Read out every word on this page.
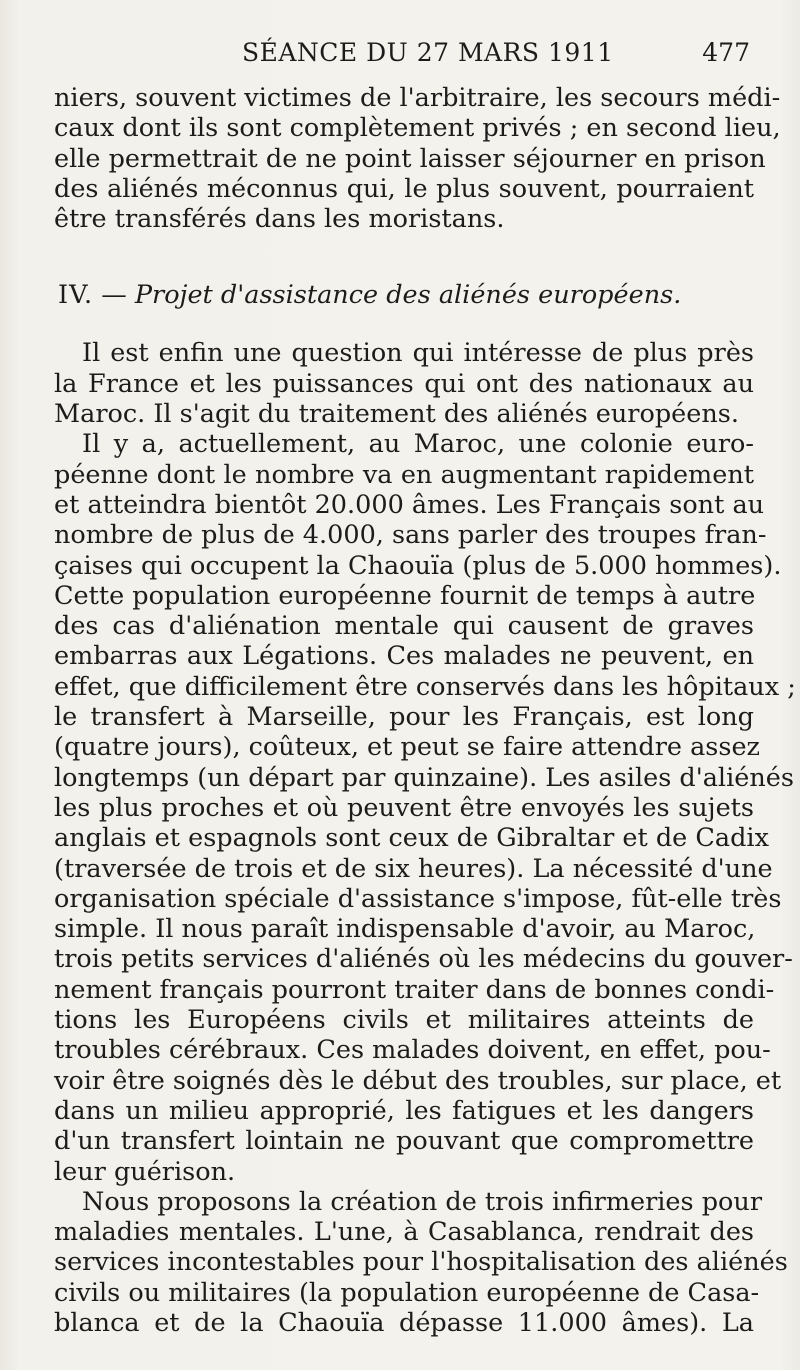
SÉANCE DU 27 MARS 1911	477
niers, souvent victimes de l'arbitraire, les secours médi-
caux dont ils sont complètement privés ; en second lieu,
elle permettrait de ne point laisser séjourner en prison
des aliénés méconnus qui, le plus souvent, pourraient
être transférés dans les moristans.
IV. — Projet d'assistance des aliénés européens.
Il est enfin une question qui intéresse de plus près
la France et les puissances qui ont des nationaux au
Maroc. Il s'agit du traitement des aliénés européens.
Il y a, actuellement, au Maroc, une colonie euro-
péenne dont le nombre va en augmentant rapidement
et atteindra bientôt 20.000 âmes. Les Français sont au
nombre de plus de 4.000, sans parler des troupes fran-
çaises qui occupent la Chaouïa (plus de 5.000 hommes).
Cette population européenne fournit de temps à autre
des cas d'aliénation mentale qui causent de graves
embarras aux Légations. Ces malades ne peuvent, en
effet, que difficilement être conservés dans les hôpitaux ;
le transfert à Marseille, pour les Français, est long
(quatre jours), coûteux, et peut se faire attendre assez
longtemps (un départ par quinzaine). Les asiles d'aliénés
les plus proches et où peuvent être envoyés les sujets
anglais et espagnols sont ceux de Gibraltar et de Cadix
(traversée de trois et de six heures). La nécessité d'une
organisation spéciale d'assistance s'impose, fût-elle très
simple. Il nous paraît indispensable d'avoir, au Maroc,
trois petits services d'aliénés où les médecins du gouver-
nement français pourront traiter dans de bonnes condi-
tions les Européens civils et militaires atteints de
troubles cérébraux. Ces malades doivent, en effet, pou-
voir être soignés dès le début des troubles, sur place, et
dans un milieu approprié, les fatigues et les dangers
d'un transfert lointain ne pouvant que compromettre
leur guérison.
Nous proposons la création de trois infirmeries pour
maladies mentales. L'une, à Casablanca, rendrait des
services incontestables pour l'hospitalisation des aliénés
civils ou militaires (la population européenne de Casa-
blanca et de la Chaouïa dépasse 11.000 âmes). La
